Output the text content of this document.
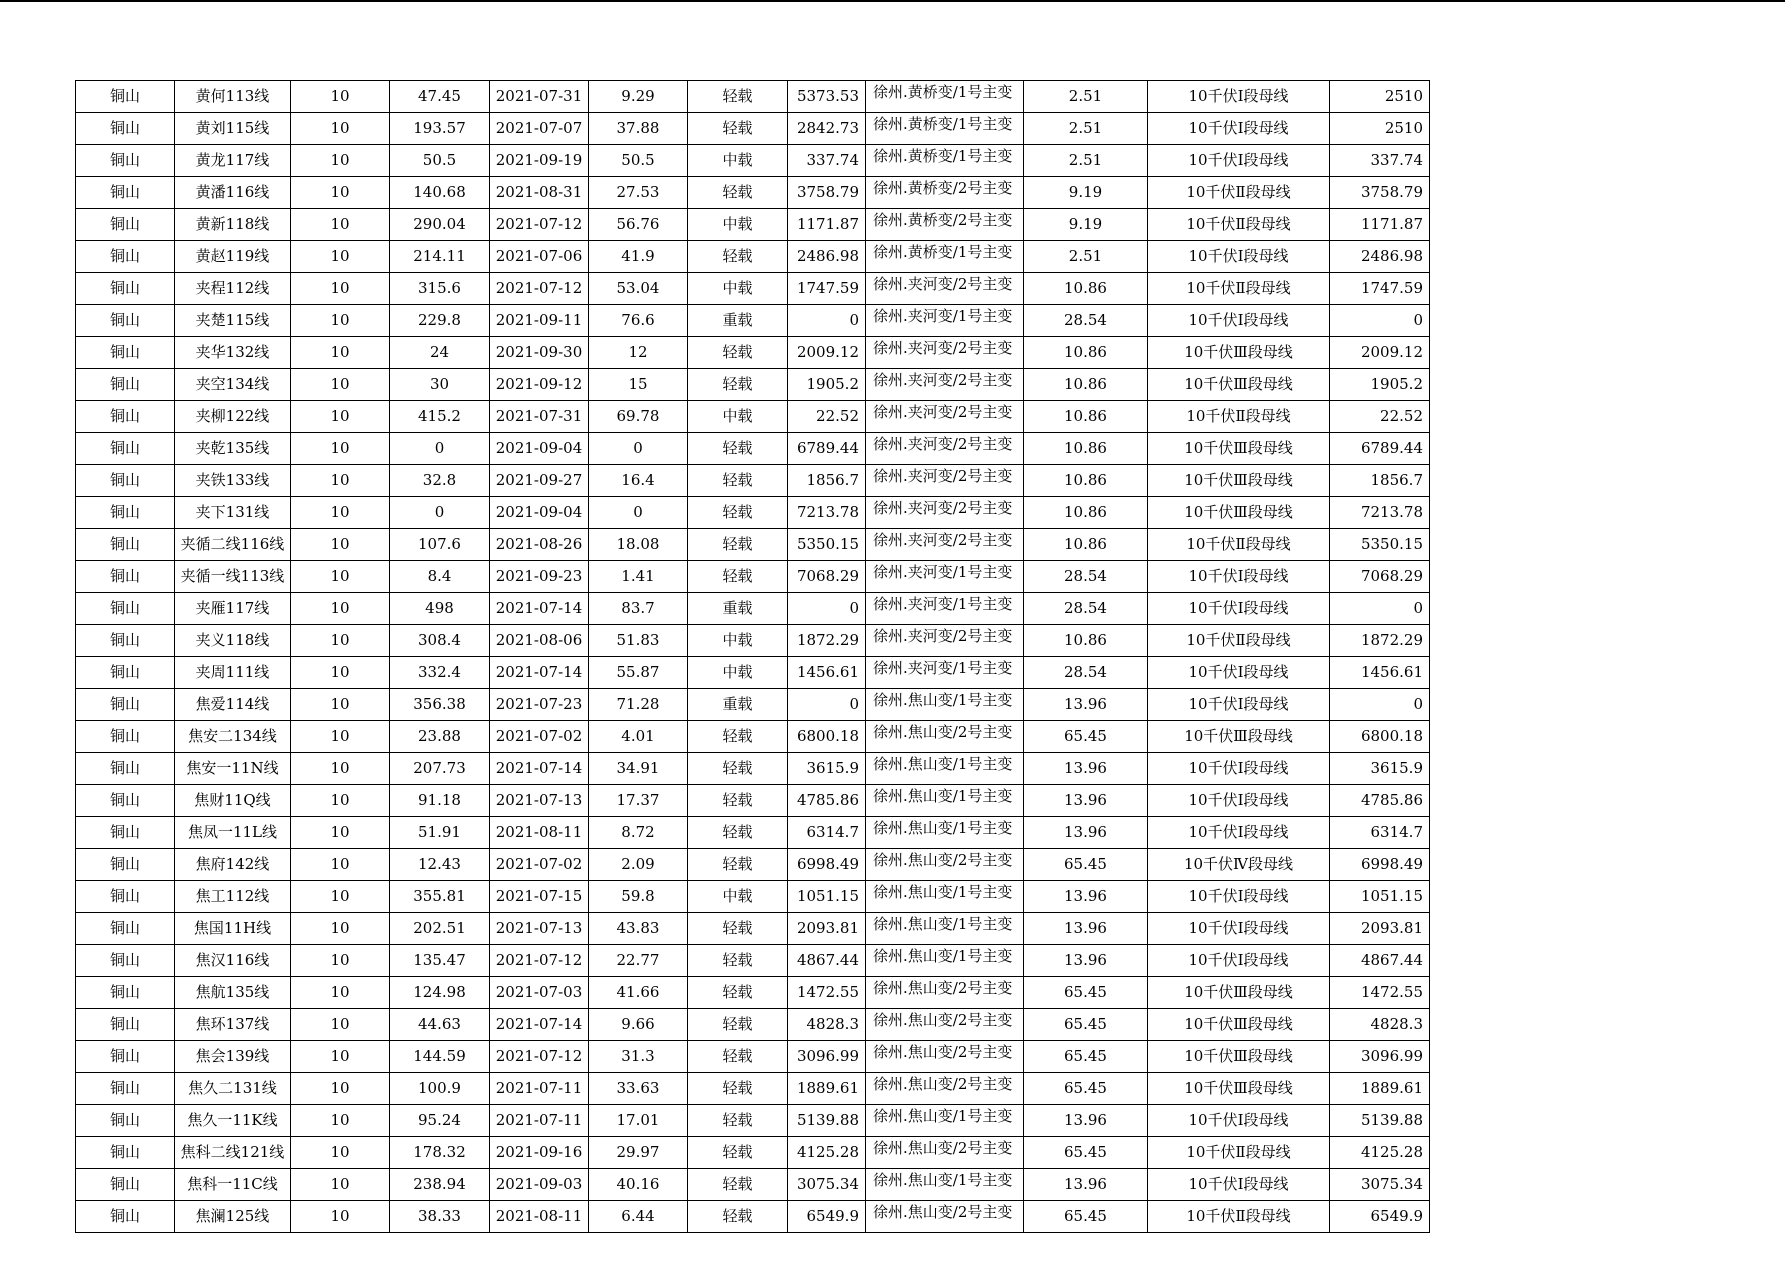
铜山	黄何113线	10	47.45	2021-07-31	9.29	轻载	5373.53	徐州.黄桥变/1号主变	2.51	10千伏Ⅰ段母线	2510
铜山	黄刘115线	10	193.57	2021-07-07	37.88	轻载	2842.73	徐州.黄桥变/1号主变	2.51	10千伏Ⅰ段母线	2510
铜山	黄龙117线	10	50.5	2021-09-19	50.5	中载	337.74	徐州.黄桥变/1号主变	2.51	10千伏Ⅰ段母线	337.74
铜山	黄潘116线	10	140.68	2021-08-31	27.53	轻载	3758.79	徐州.黄桥变/2号主变	9.19	10千伏Ⅱ段母线	3758.79
铜山	黄新118线	10	290.04	2021-07-12	56.76	中载	1171.87	徐州.黄桥变/2号主变	9.19	10千伏Ⅱ段母线	1171.87
铜山	黄赵119线	10	214.11	2021-07-06	41.9	轻载	2486.98	徐州.黄桥变/1号主变	2.51	10千伏Ⅰ段母线	2486.98
铜山	夹程112线	10	315.6	2021-07-12	53.04	中载	1747.59	徐州.夹河变/2号主变	10.86	10千伏Ⅱ段母线	1747.59
铜山	夹楚115线	10	229.8	2021-09-11	76.6	重载	0	徐州.夹河变/1号主变	28.54	10千伏Ⅰ段母线	0
铜山	夹华132线	10	24	2021-09-30	12	轻载	2009.12	徐州.夹河变/2号主变	10.86	10千伏Ⅲ段母线	2009.12
铜山	夹空134线	10	30	2021-09-12	15	轻载	1905.2	徐州.夹河变/2号主变	10.86	10千伏Ⅲ段母线	1905.2
铜山	夹柳122线	10	415.2	2021-07-31	69.78	中载	22.52	徐州.夹河变/2号主变	10.86	10千伏Ⅱ段母线	22.52
铜山	夹乾135线	10	0	2021-09-04	0	轻载	6789.44	徐州.夹河变/2号主变	10.86	10千伏Ⅲ段母线	6789.44
铜山	夹铁133线	10	32.8	2021-09-27	16.4	轻载	1856.7	徐州.夹河变/2号主变	10.86	10千伏Ⅲ段母线	1856.7
铜山	夹下131线	10	0	2021-09-04	0	轻载	7213.78	徐州.夹河变/2号主变	10.86	10千伏Ⅲ段母线	7213.78
铜山	夹循二线116线	10	107.6	2021-08-26	18.08	轻载	5350.15	徐州.夹河变/2号主变	10.86	10千伏Ⅱ段母线	5350.15
铜山	夹循一线113线	10	8.4	2021-09-23	1.41	轻载	7068.29	徐州.夹河变/1号主变	28.54	10千伏Ⅰ段母线	7068.29
铜山	夹雁117线	10	498	2021-07-14	83.7	重载	0	徐州.夹河变/1号主变	28.54	10千伏Ⅰ段母线	0
铜山	夹义118线	10	308.4	2021-08-06	51.83	中载	1872.29	徐州.夹河变/2号主变	10.86	10千伏Ⅱ段母线	1872.29
铜山	夹周111线	10	332.4	2021-07-14	55.87	中载	1456.61	徐州.夹河变/1号主变	28.54	10千伏Ⅰ段母线	1456.61
铜山	焦爱114线	10	356.38	2021-07-23	71.28	重载	0	徐州.焦山变/1号主变	13.96	10千伏Ⅰ段母线	0
铜山	焦安二134线	10	23.88	2021-07-02	4.01	轻载	6800.18	徐州.焦山变/2号主变	65.45	10千伏Ⅲ段母线	6800.18
铜山	焦安一11N线	10	207.73	2021-07-14	34.91	轻载	3615.9	徐州.焦山变/1号主变	13.96	10千伏Ⅰ段母线	3615.9
铜山	焦财11Q线	10	91.18	2021-07-13	17.37	轻载	4785.86	徐州.焦山变/1号主变	13.96	10千伏Ⅰ段母线	4785.86
铜山	焦凤一11L线	10	51.91	2021-08-11	8.72	轻载	6314.7	徐州.焦山变/1号主变	13.96	10千伏Ⅰ段母线	6314.7
铜山	焦府142线	10	12.43	2021-07-02	2.09	轻载	6998.49	徐州.焦山变/2号主变	65.45	10千伏Ⅳ段母线	6998.49
铜山	焦工112线	10	355.81	2021-07-15	59.8	中载	1051.15	徐州.焦山变/1号主变	13.96	10千伏Ⅰ段母线	1051.15
铜山	焦国11H线	10	202.51	2021-07-13	43.83	轻载	2093.81	徐州.焦山变/1号主变	13.96	10千伏Ⅰ段母线	2093.81
铜山	焦汉116线	10	135.47	2021-07-12	22.77	轻载	4867.44	徐州.焦山变/1号主变	13.96	10千伏Ⅰ段母线	4867.44
铜山	焦航135线	10	124.98	2021-07-03	41.66	轻载	1472.55	徐州.焦山变/2号主变	65.45	10千伏Ⅲ段母线	1472.55
铜山	焦环137线	10	44.63	2021-07-14	9.66	轻载	4828.3	徐州.焦山变/2号主变	65.45	10千伏Ⅲ段母线	4828.3
铜山	焦会139线	10	144.59	2021-07-12	31.3	轻载	3096.99	徐州.焦山变/2号主变	65.45	10千伏Ⅲ段母线	3096.99
铜山	焦久二131线	10	100.9	2021-07-11	33.63	轻载	1889.61	徐州.焦山变/2号主变	65.45	10千伏Ⅲ段母线	1889.61
铜山	焦久一11K线	10	95.24	2021-07-11	17.01	轻载	5139.88	徐州.焦山变/1号主变	13.96	10千伏Ⅰ段母线	5139.88
铜山	焦科二线121线	10	178.32	2021-09-16	29.97	轻载	4125.28	徐州.焦山变/2号主变	65.45	10千伏Ⅱ段母线	4125.28
铜山	焦科一11C线	10	238.94	2021-09-03	40.16	轻载	3075.34	徐州.焦山变/1号主变	13.96	10千伏Ⅰ段母线	3075.34
铜山	焦澜125线	10	38.33	2021-08-11	6.44	轻载	6549.9	徐州.焦山变/2号主变	65.45	10千伏Ⅱ段母线	6549.9
